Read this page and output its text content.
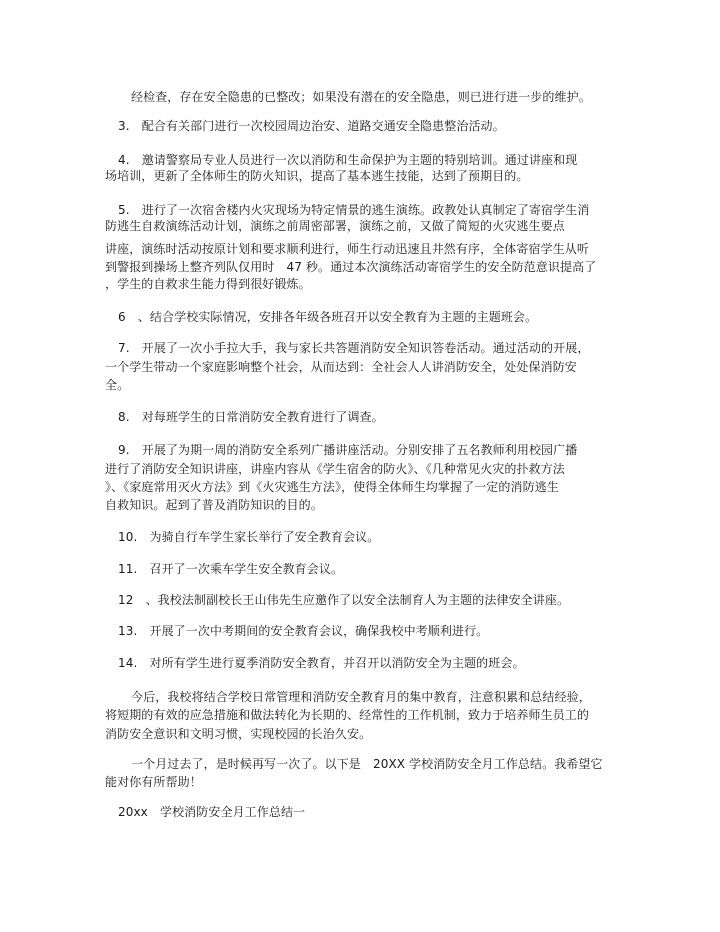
经检查，存在安全隐患的已整改；如果没有潜在的安全隐患，则已进行进一步的维护。
3.　配合有关部门进行一次校园周边治安、道路交通安全隐患整治活动。
4.　邀请警察局专业人员进行一次以消防和生命保护为主题的特别培训。通过讲座和现
场培训，更新了全体师生的防火知识，提高了基本逃生技能，达到了预期目的。
5.　进行了一次宿舍楼内火灾现场为特定情景的逃生演练。政教处认真制定了寄宿学生消
防逃生自救演练活动计划，演练之前周密部署，演练之前，又做了简短的火灾逃生要点
讲座，演练时活动按原计划和要求顺利进行，师生行动迅速且井然有序，全体寄宿学生从听
到警报到操场上整齐列队仅用时　47 秒。通过本次演练活动寄宿学生的安全防范意识提高了
，学生的自救求生能力得到很好锻炼。
6　、结合学校实际情况，安排各年级各班召开以安全教育为主题的主题班会。
7.　开展了一次小手拉大手，我与家长共答题消防安全知识答卷活动。通过活动的开展，
一个学生带动一个家庭影响整个社会，从而达到：全社会人人讲消防安全，处处保消防安
全。
8.　对每班学生的日常消防安全教育进行了调查。
9.　开展了为期一周的消防安全系列广播讲座活动。分别安排了五名教师利用校园广播
进行了消防安全知识讲座，讲座内容从《学生宿舍的防火》、《几种常见火灾的扑救方法
》、《家庭常用灭火方法》到《火灾逃生方法》，使得全体师生均掌握了一定的消防逃生
自救知识。起到了普及消防知识的目的。
10.　为骑自行车学生家长举行了安全教育会议。
11.　召开了一次乘车学生安全教育会议。
12　、我校法制副校长王山伟先生应邀作了以安全法制育人为主题的法律安全讲座。
13.　开展了一次中考期间的安全教育会议，确保我校中考顺利进行。
14.　对所有学生进行夏季消防安全教育，并召开以消防安全为主题的班会。
今后，我校将结合学校日常管理和消防安全教育月的集中教育，注意积累和总结经验，
将短期的有效的应急措施和做法转化为长期的、经常性的工作机制，致力于培养师生员工的
消防安全意识和文明习惯，实现校园的长治久安。
一个月过去了，是时候再写一次了。以下是　20XX 学校消防安全月工作总结。我希望它
能对你有所帮助！
20xx　学校消防安全月工作总结一
